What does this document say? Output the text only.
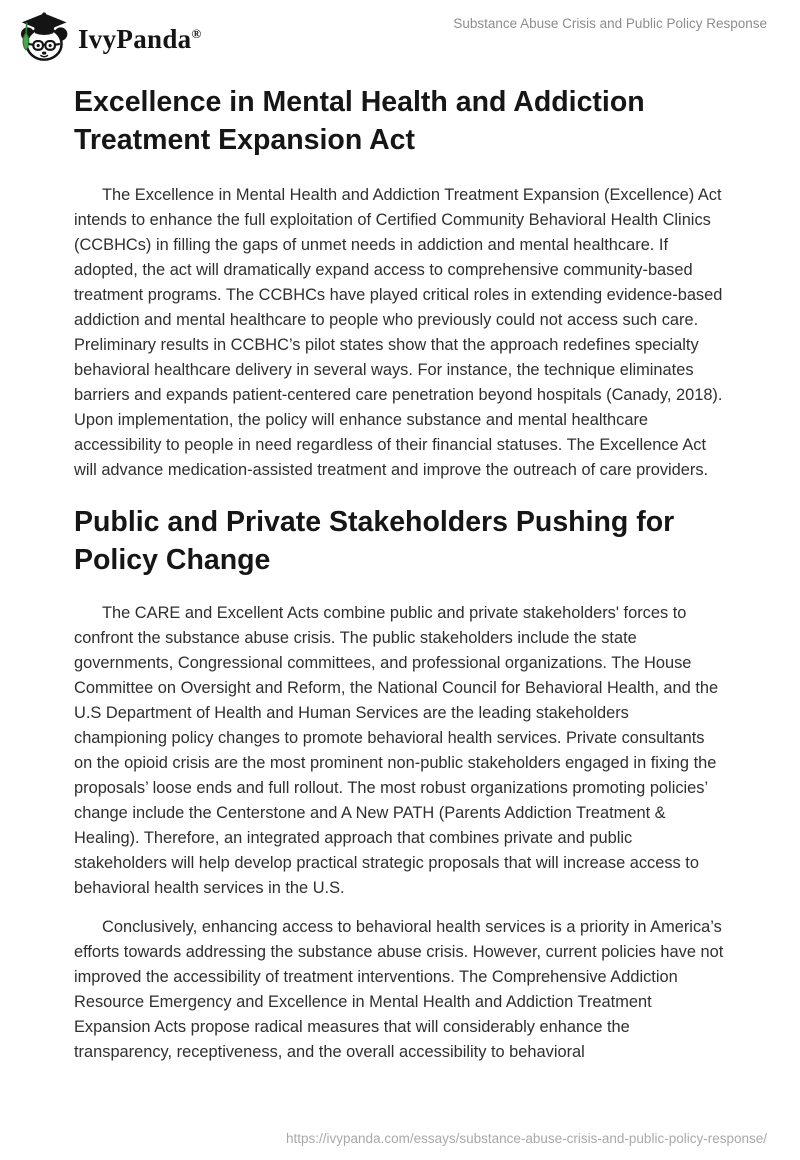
IvyPanda®
Substance Abuse Crisis and Public Policy Response
Excellence in Mental Health and Addiction Treatment Expansion Act

The Excellence in Mental Health and Addiction Treatment Expansion (Excellence) Act intends to enhance the full exploitation of Certified Community Behavioral Health Clinics (CCBHCs) in filling the gaps of unmet needs in addiction and mental healthcare. If adopted, the act will dramatically expand access to comprehensive community-based treatment programs. The CCBHCs have played critical roles in extending evidence-based addiction and mental healthcare to people who previously could not access such care. Preliminary results in CCBHC’s pilot states show that the approach redefines specialty behavioral healthcare delivery in several ways. For instance, the technique eliminates barriers and expands patient-centered care penetration beyond hospitals (Canady, 2018). Upon implementation, the policy will enhance substance and mental healthcare accessibility to people in need regardless of their financial statuses. The Excellence Act will advance medication-assisted treatment and improve the outreach of care providers.

Public and Private Stakeholders Pushing for Policy Change

The CARE and Excellent Acts combine public and private stakeholders' forces to confront the substance abuse crisis. The public stakeholders include the state governments, Congressional committees, and professional organizations. The House Committee on Oversight and Reform, the National Council for Behavioral Health, and the U.S Department of Health and Human Services are the leading stakeholders championing policy changes to promote behavioral health services. Private consultants on the opioid crisis are the most prominent non-public stakeholders engaged in fixing the proposals’ loose ends and full rollout. The most robust organizations promoting policies’ change include the Centerstone and A New PATH (Parents Addiction Treatment & Healing). Therefore, an integrated approach that combines private and public stakeholders will help develop practical strategic proposals that will increase access to behavioral health services in the U.S.

Conclusively, enhancing access to behavioral health services is a priority in America’s efforts towards addressing the substance abuse crisis. However, current policies have not improved the accessibility of treatment interventions. The Comprehensive Addiction Resource Emergency and Excellence in Mental Health and Addiction Treatment Expansion Acts propose radical measures that will considerably enhance the transparency, receptiveness, and the overall accessibility to behavioral

https://ivypanda.com/essays/substance-abuse-crisis-and-public-policy-response/
